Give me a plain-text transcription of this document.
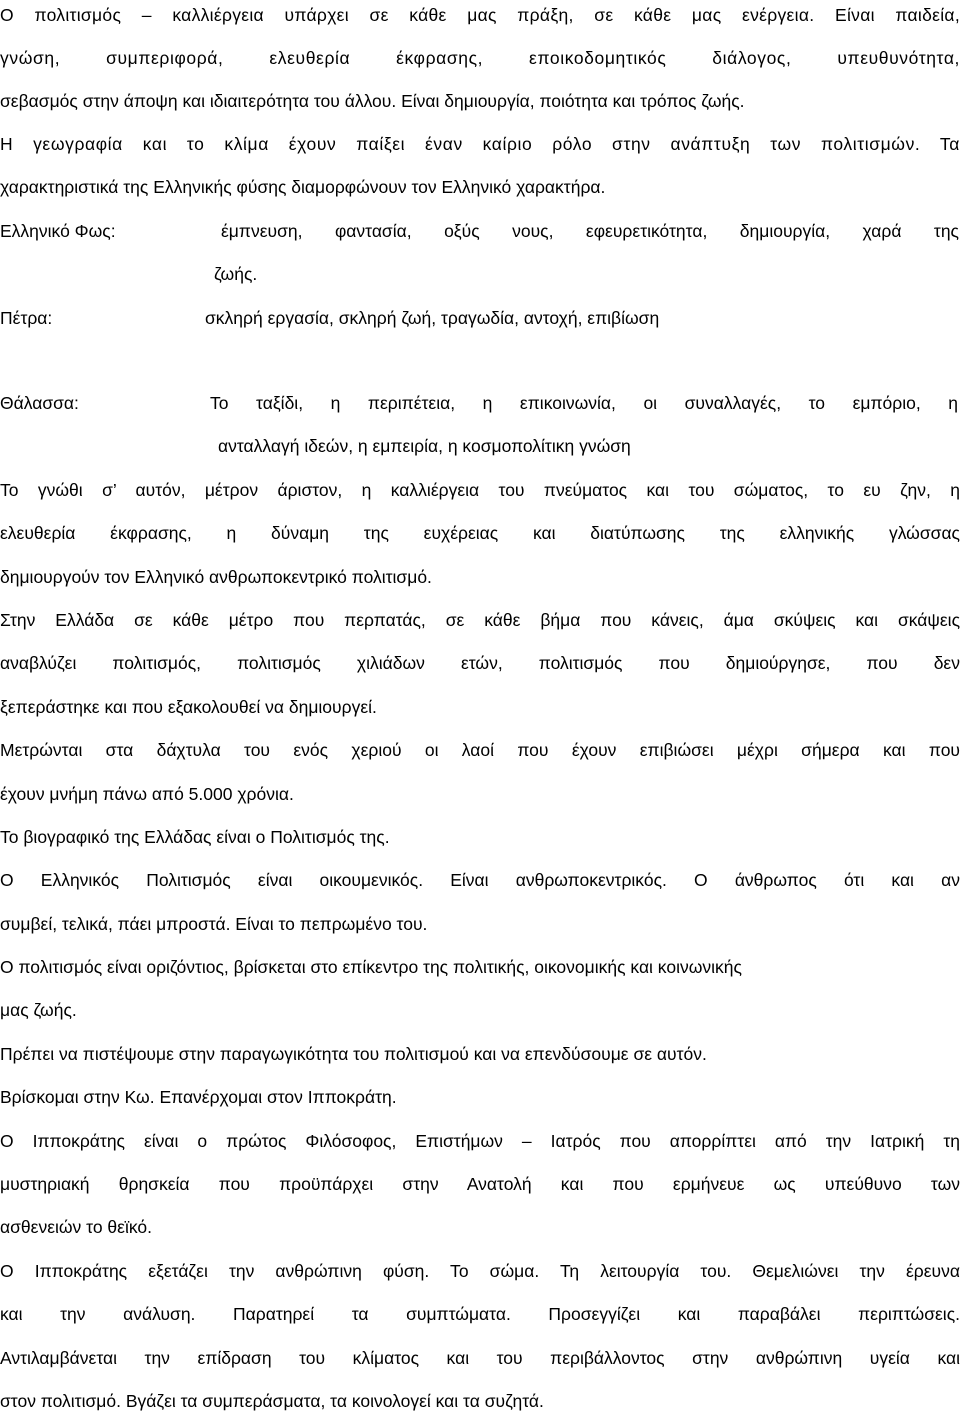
Ο πολιτισμός – καλλιέργεια υπάρχει σε κάθε μας πράξη, σε κάθε μας ενέργεια. Είναι παιδεία,
γνώση, συμπεριφορά, ελευθερία έκφρασης, εποικοδομητικός διάλογος, υπευθυνότητα,
σεβασμός στην άποψη και ιδιαιτερότητα του άλλου. Είναι δημιουργία, ποιότητα και τρόπος ζωής.
Η γεωγραφία και το κλίμα έχουν παίξει έναν καίριο ρόλο στην ανάπτυξη των πολιτισμών. Τα
χαρακτηριστικά της Ελληνικής φύσης διαμορφώνουν τον Ελληνικό χαρακτήρα.
Ελληνικό Φως:	έμπνευση, φαντασία, οξύς νους, εφευρετικότητα, δημιουργία, χαρά της
ζωής.
Πέτρα:	σκληρή εργασία, σκληρή ζωή, τραγωδία, αντοχή, επιβίωση
Θάλασσα:	Το ταξίδι, η περιπέτεια, η επικοινωνία, οι συναλλαγές, το εμπόριο, η
ανταλλαγή ιδεών, η εμπειρία, η κοσμοπολίτικη γνώση
Το γνώθι σ’ αυτόν, μέτρον άριστον, η καλλιέργεια του πνεύματος και του σώματος, το ευ ζην, η
ελευθερία έκφρασης, η δύναμη της ευχέρειας και διατύπωσης της ελληνικής γλώσσας
δημιουργούν τον Ελληνικό ανθρωποκεντρικό πολιτισμό.
Στην Ελλάδα σε κάθε μέτρο που περπατάς, σε κάθε βήμα που κάνεις, άμα σκύψεις και σκάψεις
αναβλύζει πολιτισμός, πολιτισμός χιλιάδων ετών, πολιτισμός που δημιούργησε, που δεν
ξεπεράστηκε και που εξακολουθεί να δημιουργεί.
Μετρώνται στα δάχτυλα του ενός χεριού οι λαοί που έχουν επιβιώσει μέχρι σήμερα και που
έχουν μνήμη πάνω από 5.000 χρόνια.
Το βιογραφικό της Ελλάδας είναι ο Πολιτισμός της.
Ο Ελληνικός Πολιτισμός είναι οικουμενικός. Είναι ανθρωποκεντρικός. Ο άνθρωπος ότι και αν
συμβεί, τελικά, πάει μπροστά. Είναι το πεπρωμένο του.
Ο πολιτισμός είναι οριζόντιος, βρίσκεται στο επίκεντρο της πολιτικής, οικονομικής και κοινωνικής
μας ζωής.
Πρέπει να πιστέψουμε στην παραγωγικότητα του πολιτισμού και να επενδύσουμε σε αυτόν.
Βρίσκομαι στην Κω. Επανέρχομαι στον Ιπποκράτη.
Ο Ιπποκράτης είναι ο πρώτος Φιλόσοφος, Επιστήμων – Ιατρός που απορρίπτει από την Ιατρική τη
μυστηριακή θρησκεία που προϋπάρχει στην Ανατολή και που ερμήνευε ως υπεύθυνο των
ασθενειών το θεϊκό.
Ο Ιπποκράτης εξετάζει την ανθρώπινη φύση. Το σώμα. Τη λειτουργία του. Θεμελιώνει την έρευνα
και την ανάλυση. Παρατηρεί τα συμπτώματα. Προσεγγίζει και παραβάλει περιπτώσεις.
Αντιλαμβάνεται την επίδραση του κλίματος και του περιβάλλοντος στην ανθρώπινη υγεία και
στον πολιτισμό. Βγάζει τα συμπεράσματα, τα κοινολογεί και τα συζητά.
